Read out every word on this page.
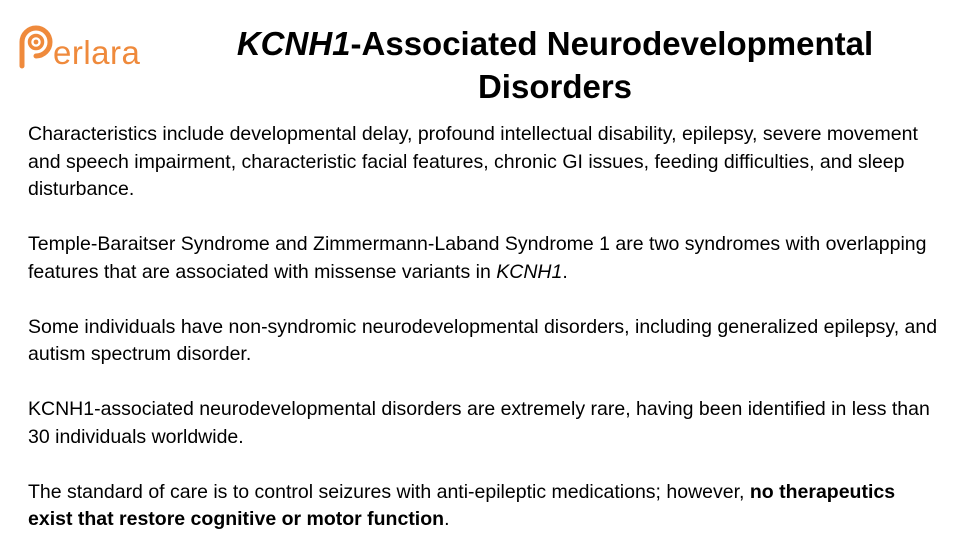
erlara	KCNH1-Associated Neurodevelopmental Disorders

Characteristics include developmental delay, profound intellectual disability, epilepsy, severe movement and speech impairment, characteristic facial features, chronic GI issues, feeding difficulties, and sleep disturbance.

Temple-Baraitser Syndrome and Zimmermann-Laband Syndrome 1 are two syndromes with overlapping features that are associated with missense variants in KCNH1.

Some individuals have non-syndromic neurodevelopmental disorders, including generalized epilepsy, and autism spectrum disorder.

KCNH1-associated neurodevelopmental disorders are extremely rare, having been identified in less than 30 individuals worldwide.

The standard of care is to control seizures with anti-epileptic medications; however, no therapeutics exist that restore cognitive or motor function.
